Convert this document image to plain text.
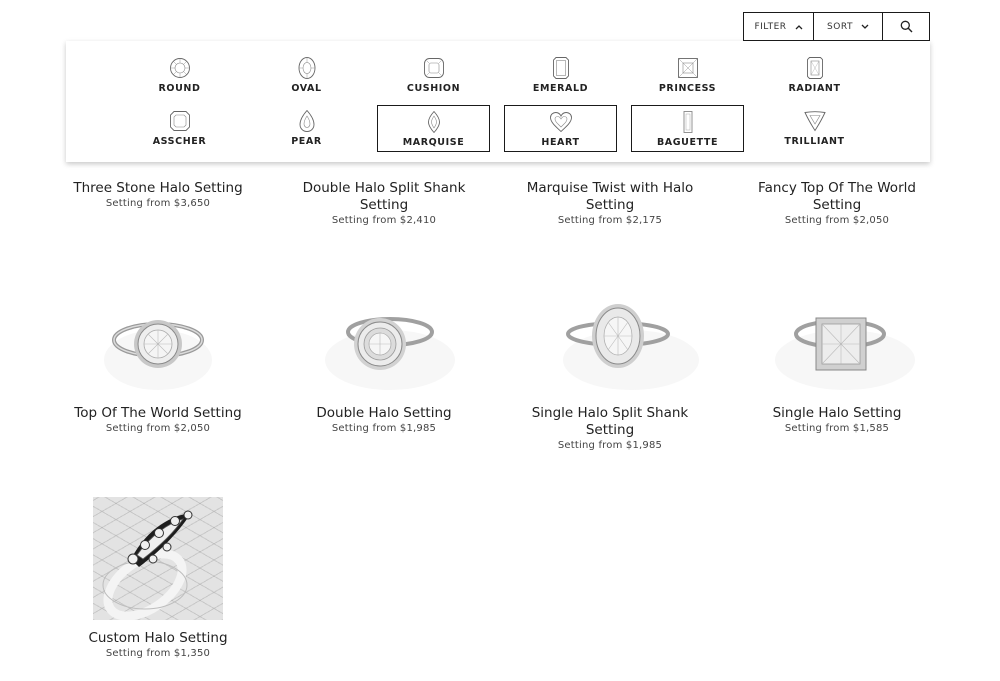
FILTER	SORT
ROUND	OVAL	CUSHION	EMERALD	PRINCESS	RADIANT
ASSCHER	PEAR	MARQUISE	HEART	BAGUETTE	TRILLIANT
Three Stone Halo Setting
Setting from $3,650
Double Halo Split Shank Setting
Setting from $2,410
Marquise Twist with Halo Setting
Setting from $2,175
Fancy Top Of The World Setting
Setting from $2,050
Top Of The World Setting
Setting from $2,050
Double Halo Setting
Setting from $1,985
Single Halo Split Shank Setting
Setting from $1,985
Single Halo Setting
Setting from $1,585
Custom Halo Setting
Setting from $1,350
